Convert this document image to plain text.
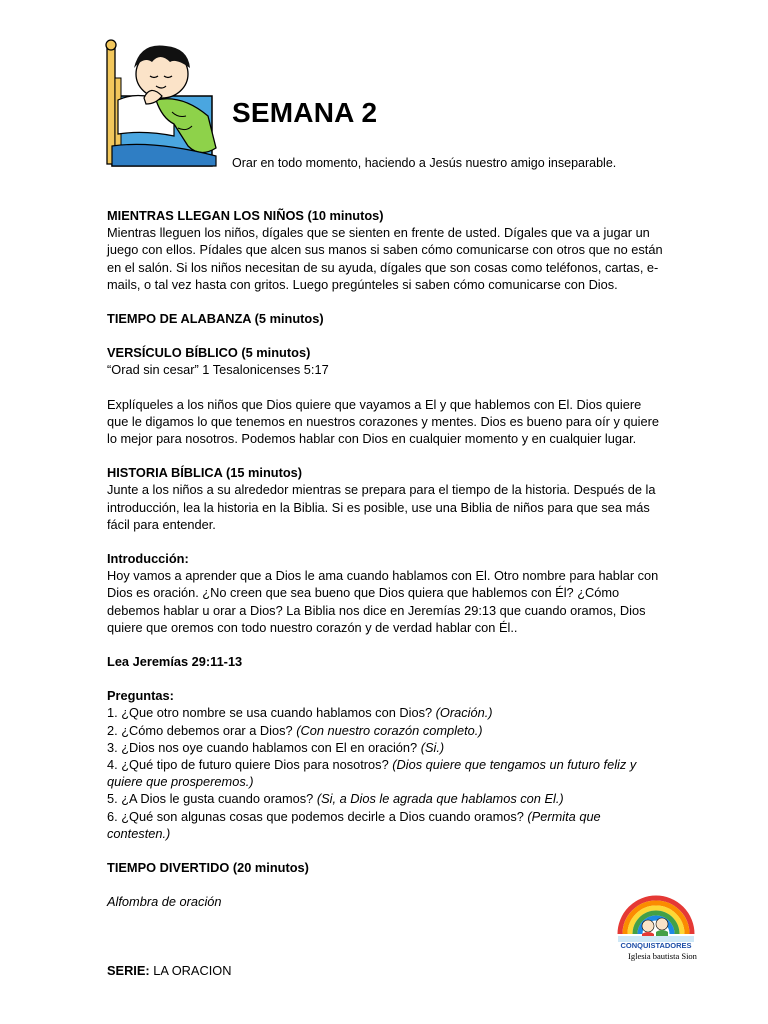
SEMANA 2
Orar en todo momento, haciendo a Jesús nuestro amigo inseparable.

MIENTRAS LLEGAN LOS NIÑOS (10 minutos)

Mientras lleguen los niños, dígales que se sienten en frente de usted. Dígales que va a jugar un juego con ellos. Pídales que alcen sus manos si saben cómo comunicarse con otros que no están en el salón. Si los niños necesitan de su ayuda, dígales que son cosas como teléfonos, cartas, e-mails, o tal vez hasta con gritos. Luego pregúnteles si saben cómo comunicarse con Dios.

TIEMPO DE ALABANZA (5 minutos)

VERSÍCULO BÍBLICO (5 minutos)

“Orad sin cesar” 1 Tesalonicenses 5:17

Explíqueles a los niños que Dios quiere que vayamos a El y que hablemos con El. Dios quiere que le digamos lo que tenemos en nuestros corazones y mentes. Dios es bueno para oír y quiere lo mejor para nosotros. Podemos hablar con Dios en cualquier momento y en cualquier lugar.

HISTORIA BÍBLICA (15 minutos)

Junte a los niños a su alrededor mientras se prepara para el tiempo de la historia. Después de la introducción, lea la historia en la Biblia. Si es posible, use una Biblia de niños para que sea más fácil para entender.

Introducción:

Hoy vamos a aprender que a Dios le ama cuando hablamos con El. Otro nombre para hablar con Dios es oración. ¿No creen que sea bueno que Dios quiera que hablemos con Él? ¿Cómo debemos hablar u orar a Dios? La Biblia nos dice en Jeremías 29:13 que cuando oramos, Dios quiere que oremos con todo nuestro corazón y de verdad hablar con Él..

Lea Jeremías 29:11-13

Preguntas:

1. ¿Que otro nombre se usa cuando hablamos con Dios? (Oración.)

2. ¿Cómo debemos orar a Dios? (Con nuestro corazón completo.)

3. ¿Dios nos oye cuando hablamos con El en oración? (Si.)

4. ¿Qué tipo de futuro quiere Dios para nosotros? (Dios quiere que tengamos un futuro feliz y quiere que prosperemos.)

5. ¿A Dios le gusta cuando oramos? (Si, a Dios le agrada que hablamos con El.)

6. ¿Qué son algunas cosas que podemos decirle a Dios cuando oramos? (Permita que contesten.)

TIEMPO DIVERTIDO (20 minutos)

Alfombra de oración

CONQUISTADORES
Iglesia bautista Sion
SERIE: LA ORACION
